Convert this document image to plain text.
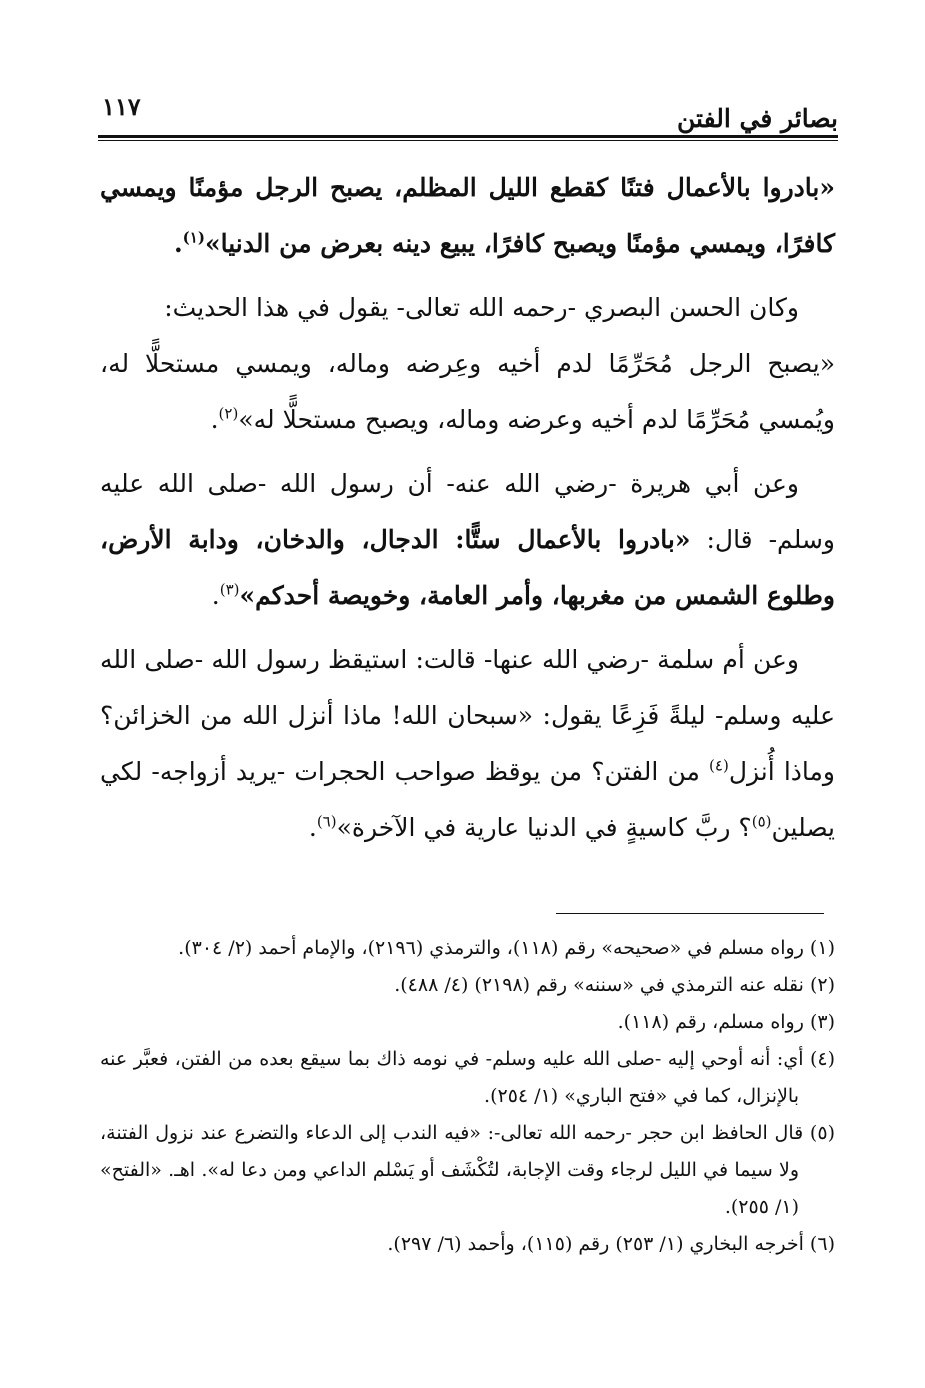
بصائر في الفتن
١١٧

«بادروا بالأعمال فتنًا كقطع الليل المظلم، يصبح الرجل مؤمنًا ويمسي كافرًا، ويمسي مؤمنًا ويصبح كافرًا، يبيع دينه بعرض من الدنيا»$^{(١)}$.

وكان الحسن البصري -رحمه الله تعالى- يقول في هذا الحديث:
«يصبح الرجل مُحَرِّمًا لدم أخيه وعِرضه وماله، ويمسي مستحلًّا له، ويُمسي مُحَرِّمًا لدم أخيه وعرضه وماله، ويصبح مستحلًّا له»$^{(٢)}$.

وعن أبي هريرة -رضي الله عنه- أن رسول الله -صلى الله عليه وسلم- قال: «بادروا بالأعمال ستًّا: الدجال، والدخان، ودابة الأرض، وطلوع الشمس من مغربها، وأمر العامة، وخويصة أحدكم»$^{(٣)}$.

وعن أم سلمة -رضي الله عنها- قالت: استيقظ رسول الله -صلى الله عليه وسلم- ليلةً فَزِعًا يقول: «سبحان الله! ماذا أنزل الله من الخزائن؟ وماذا أُنزل$^{(٤)}$ من الفتن؟ من يوقظ صواحب الحجرات -يريد أزواجه- لكي يصلين$^{(٥)}$؟ ربَّ كاسيةٍ في الدنيا عارية في الآخرة»$^{(٦)}$.

(١) رواه مسلم في «صحيحه» رقم (١١٨)، والترمذي (٢١٩٦)، والإمام أحمد (٢/ ٣٠٤).

(٢) نقله عنه الترمذي في «سننه» رقم (٢١٩٨) (٤/ ٤٨٨).

(٣) رواه مسلم، رقم (١١٨).

(٤) أي: أنه أوحي إليه -صلى الله عليه وسلم- في نومه ذاك بما سيقع بعده من الفتن، فعبَّر عنه بالإنزال، كما في «فتح الباري» (١/ ٢٥٤).

(٥) قال الحافظ ابن حجر -رحمه الله تعالى-: «فيه الندب إلى الدعاء والتضرع عند نزول الفتنة، ولا سيما في الليل لرجاء وقت الإجابة، لتُكْشَف أو يَسْلم الداعي ومن دعا له». اهـ. «الفتح» (١/ ٢٥٥).

(٦) أخرجه البخاري (١/ ٢٥٣) رقم (١١٥)، وأحمد (٦/ ٢٩٧).
